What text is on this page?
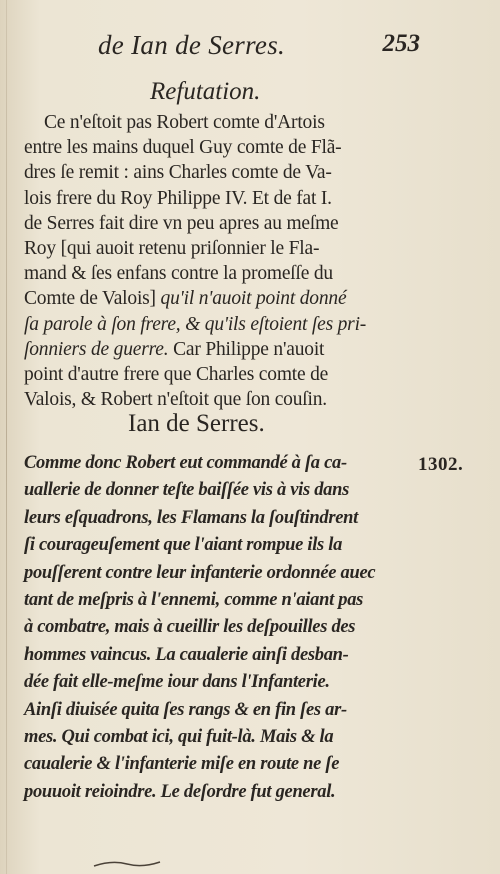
de Ian de Serres.	253
Refutation.
Ce n'eſtoit pas Robert comte d'Artois
entre les mains duquel Guy comte de Flã-
dres ſe remit : ains Charles comte de Va-
lois frere du Roy Philippe IV. Et de fat I.
de Serres fait dire vn peu apres au meſme
Roy [qui auoit retenu priſonnier le Fla-
mand & ſes enfans contre la promeſſe du
Comte de Valois] qu'il n'auoit point donné
ſa parole à ſon frere, & qu'ils eſtoient ſes pri-
ſonniers de guerre. Car Philippe n'auoit
point d'autre frere que Charles comte de
Valois, & Robert n'eſtoit que ſon couſin.
Ian de Serres.
1302.
Comme donc Robert eut commandé à ſa ca-
uallerie de donner teſte baiſſée vis à vis dans
leurs eſquadrons, les Flamans la ſouſtindrent
ſi courageuſement que l'aiant rompue ils la
pouſſerent contre leur infanterie ordonnée auec
tant de meſpris à l'ennemi, comme n'aiant pas
à combatre, mais à cueillir les deſpouilles des
hommes vaincus. La caualerie ainſi desban-
dée fait elle-meſme iour dans l'Infanterie.
Ainſi diuisée quita ſes rangs & en fin ſes ar-
mes. Qui combat ici, qui fuit-là. Mais & la
caualerie & l'infanterie miſe en route ne ſe
pouuoit reioindre. Le deſordre fut general.
